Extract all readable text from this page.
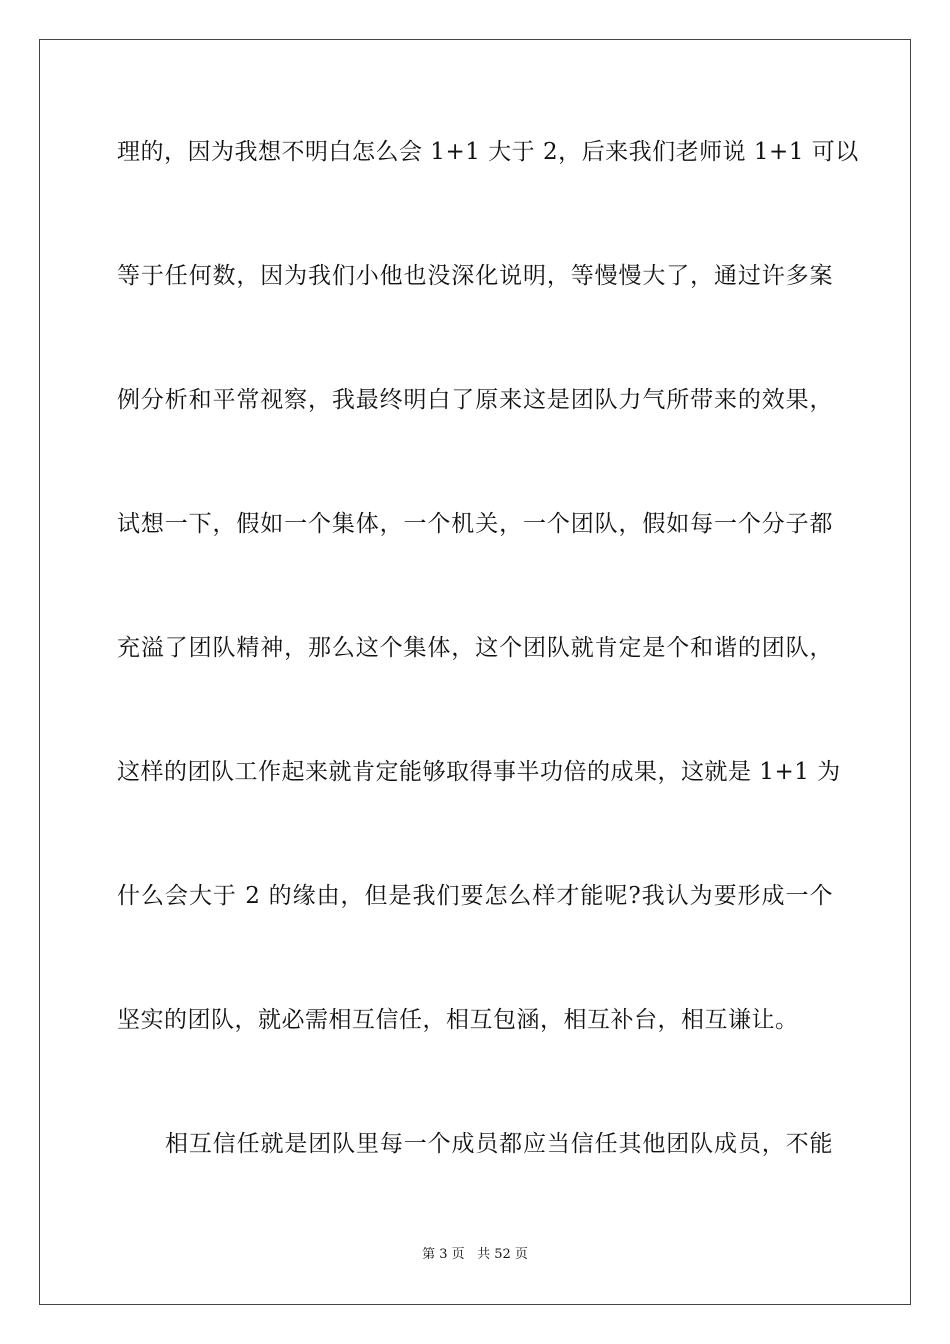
理的，因为我想不明白怎么会 1+1 大于 2，后来我们老师说 1+1 可以
等于任何数，因为我们小他也没深化说明，等慢慢大了，通过许多案
例分析和平常视察，我最终明白了原来这是团队力气所带来的效果，
试想一下，假如一个集体，一个机关，一个团队，假如每一个分子都
充溢了团队精神，那么这个集体，这个团队就肯定是个和谐的团队，
这样的团队工作起来就肯定能够取得事半功倍的成果，这就是 1+1 为
什么会大于 2 的缘由，但是我们要怎么样才能呢?我认为要形成一个
坚实的团队，就必需相互信任，相互包涵，相互补台，相互谦让。
相互信任就是团队里每一个成员都应当信任其他团队成员，不能
第 3 页 共 52 页
